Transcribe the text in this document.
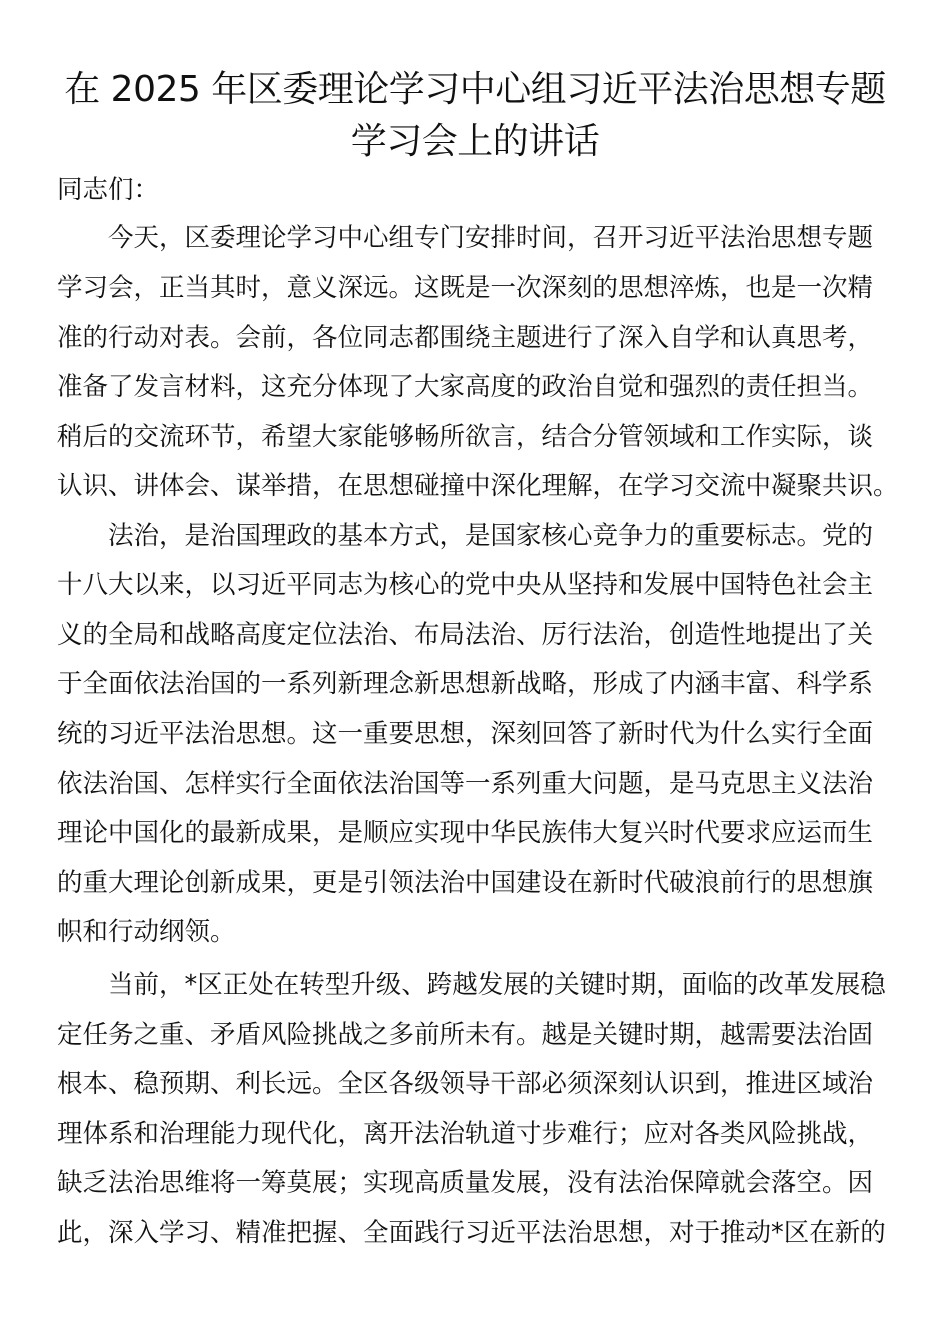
在 2025 年区委理论学习中心组习近平法治思想专题
学习会上的讲话
同志们：
　　今天，区委理论学习中心组专门安排时间，召开习近平法治思想专题
学习会，正当其时，意义深远。这既是一次深刻的思想淬炼，也是一次精
准的行动对表。会前，各位同志都围绕主题进行了深入自学和认真思考，
准备了发言材料，这充分体现了大家高度的政治自觉和强烈的责任担当。
稍后的交流环节，希望大家能够畅所欲言，结合分管领域和工作实际，谈
认识、讲体会、谋举措，在思想碰撞中深化理解，在学习交流中凝聚共识。
　　法治，是治国理政的基本方式，是国家核心竞争力的重要标志。党的
十八大以来，以习近平同志为核心的党中央从坚持和发展中国特色社会主
义的全局和战略高度定位法治、布局法治、厉行法治，创造性地提出了关
于全面依法治国的一系列新理念新思想新战略，形成了内涵丰富、科学系
统的习近平法治思想。这一重要思想，深刻回答了新时代为什么实行全面
依法治国、怎样实行全面依法治国等一系列重大问题，是马克思主义法治
理论中国化的最新成果，是顺应实现中华民族伟大复兴时代要求应运而生
的重大理论创新成果，更是引领法治中国建设在新时代破浪前行的思想旗
帜和行动纲领。
　　当前，*区正处在转型升级、跨越发展的关键时期，面临的改革发展稳
定任务之重、矛盾风险挑战之多前所未有。越是关键时期，越需要法治固
根本、稳预期、利长远。全区各级领导干部必须深刻认识到，推进区域治
理体系和治理能力现代化，离开法治轨道寸步难行；应对各类风险挑战，
缺乏法治思维将一筹莫展；实现高质量发展，没有法治保障就会落空。因
此，深入学习、精准把握、全面践行习近平法治思想，对于推动*区在新的
